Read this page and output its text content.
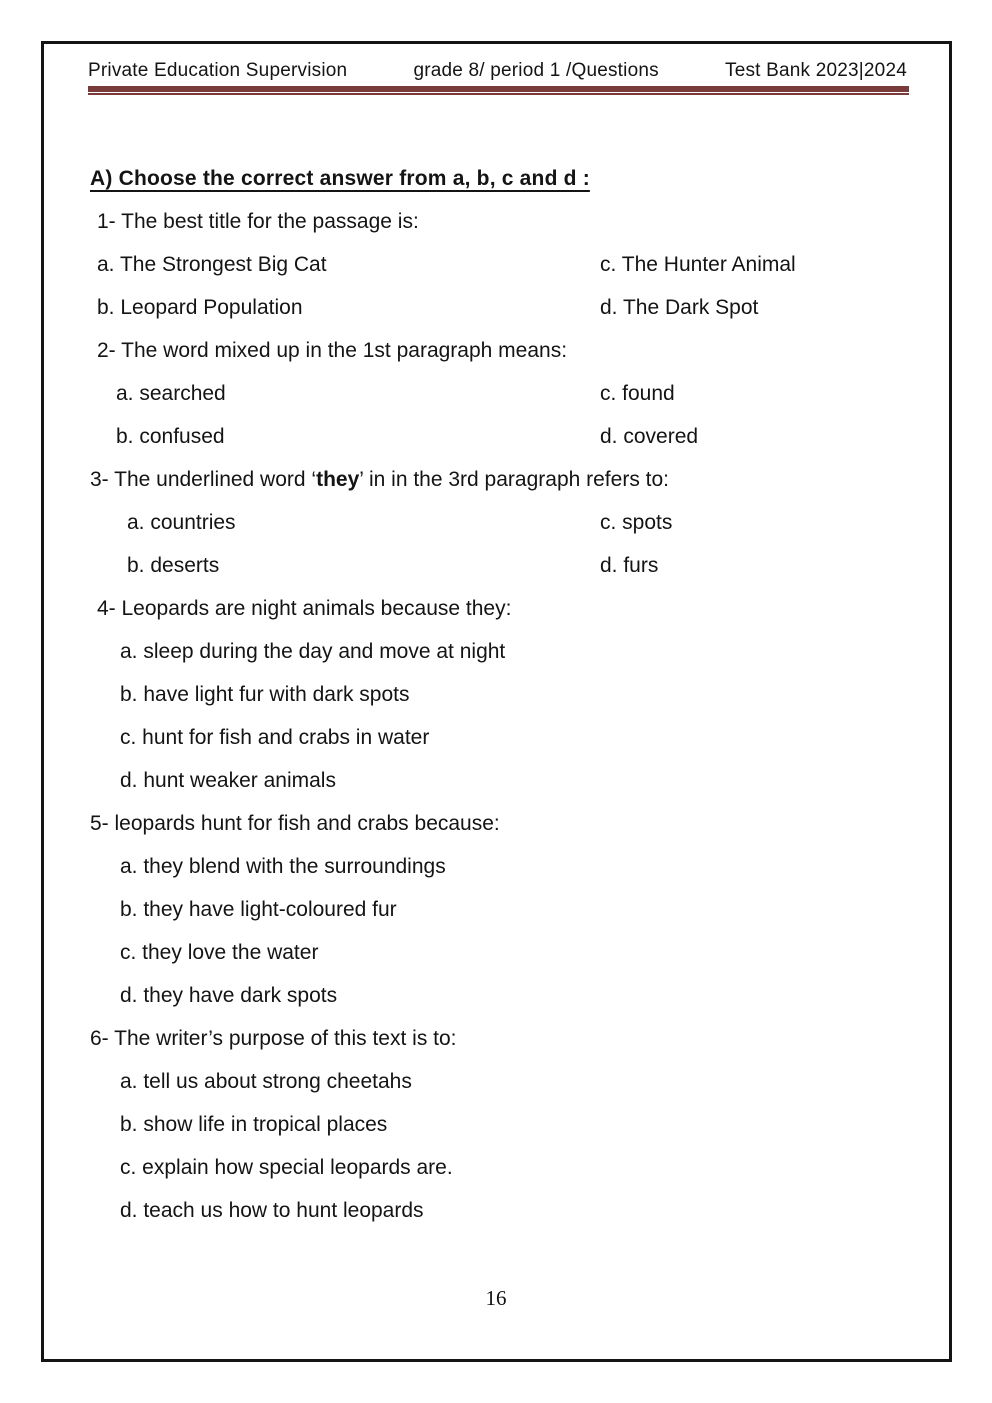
Private Education Supervision	grade 8/ period 1 /Questions	Test Bank 2023|2024
A) Choose the correct answer from a, b, c and d :
1- The best title for the passage is:
a. The Strongest Big Cat	c. The Hunter Animal
b. Leopard Population	d. The Dark Spot
2- The word mixed up in the 1st paragraph means:
a. searched	c. found
b. confused	d. covered
3- The underlined word ‘they’ in in the 3rd paragraph refers to:
a. countries	c. spots
b. deserts	d. furs
4- Leopards are night animals because they:
a. sleep during the day and move at night
b. have light fur with dark spots
c. hunt for fish and crabs in water
d. hunt weaker animals
5- leopards hunt for fish and crabs because:
a. they blend with the surroundings
b. they have light-coloured fur
c. they love the water
d. they have dark spots
6- The writer’s purpose of this text is to:
a. tell us about strong cheetahs
b. show life in tropical places
c. explain how special leopards are.
d. teach us how to hunt leopards
16
